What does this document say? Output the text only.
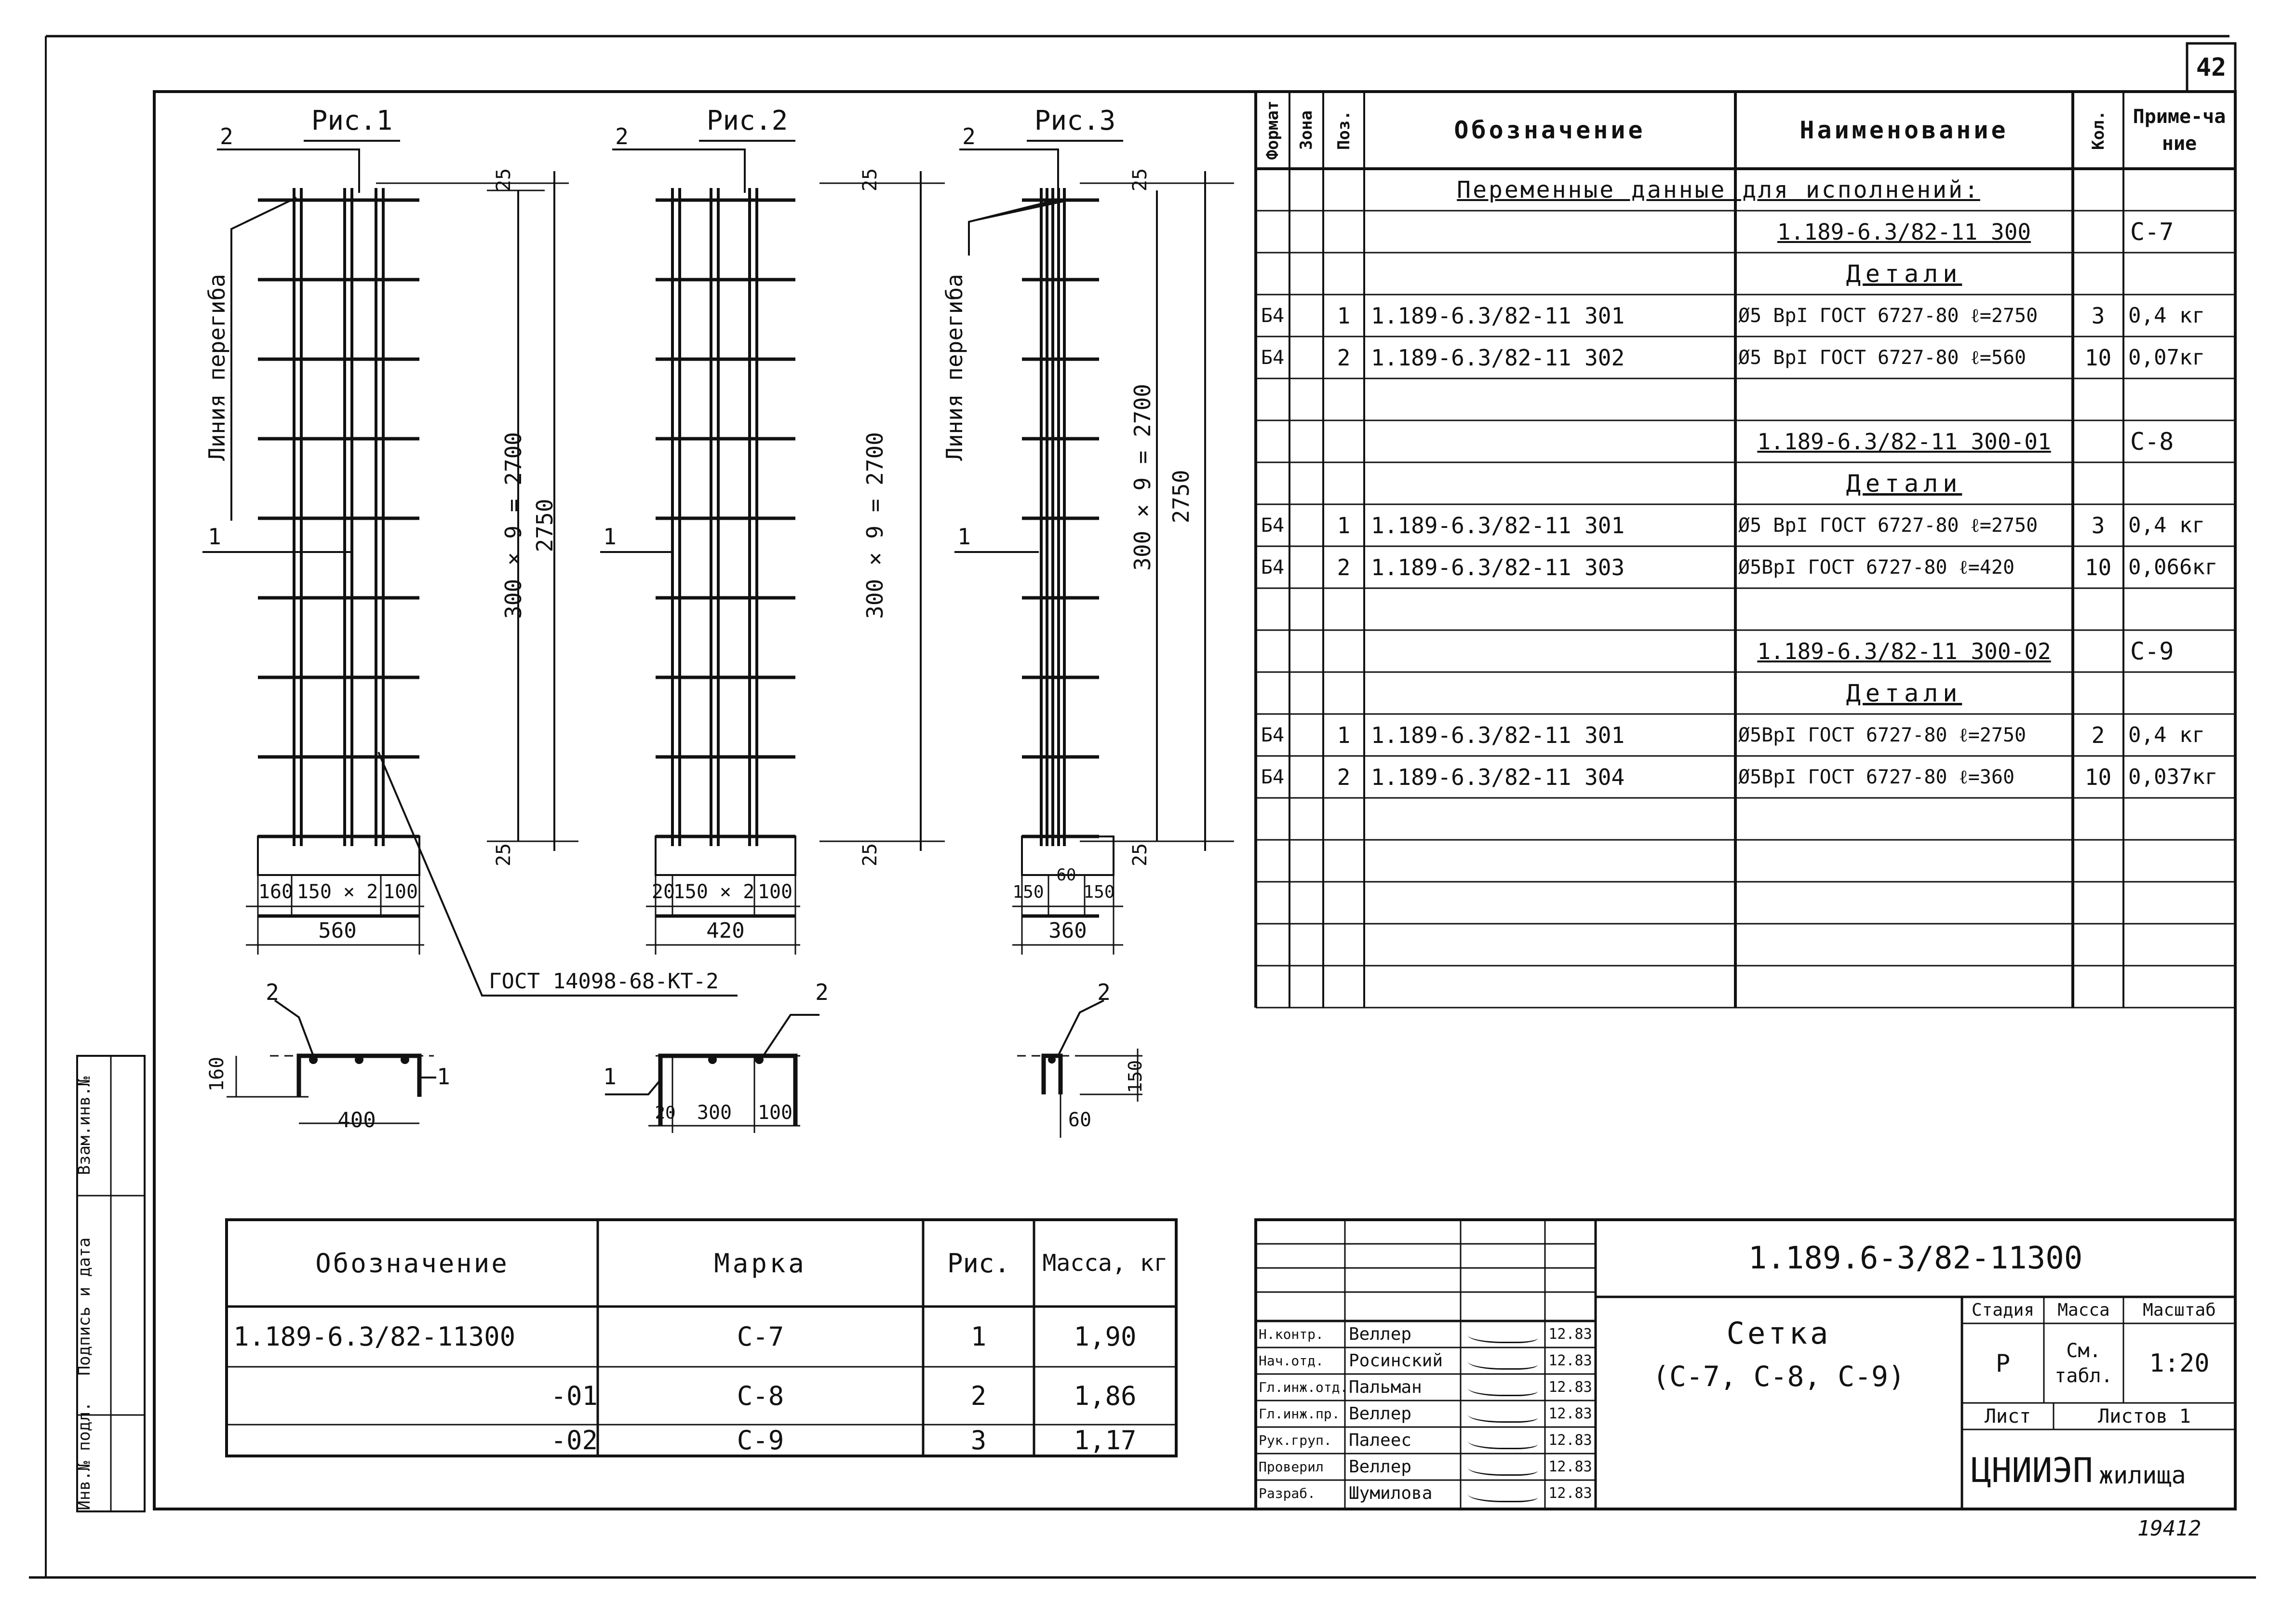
42
19412
Инв.№ подл.
Подпись и дата
Взам.инв.№
Рис.1
2
1
Линия перегиба
25
25
300 × 9 = 2700 2750
160 150 × 2 100
560
ГОСТ 14098-68-КТ-2
2
1
160
400
Рис.2
2
1
25
25
300 × 9 = 2700
20
150 × 2 100
420
2
1
20	300	100
Рис.3
2
1
Линия перегиба
25
25
300 × 9 = 2700 2750
150
60
150
360
2
150
60
Формат Зона Поз.	Обозначение	Наименование	Кол.	Приме-чание
Переменные данные для исполнений:
1.189-6.3/82-11 300	С-7
Детали
Б4	1 1.189-6.3/82-11 301	Ø5 ВрI ГОСТ 6727-80 ℓ=2750	3	0,4 кг
Б4	2 1.189-6.3/82-11 302	Ø5 ВрI ГОСТ 6727-80 ℓ=560	10 0,07кг
1.189-6.3/82-11 300-01	С-8
Детали
Б4	1 1.189-6.3/82-11 301	Ø5 ВрI ГОСТ 6727-80 ℓ=2750	3	0,4 кг
Б4	2 1.189-6.3/82-11 303	Ø5ВрI ГОСТ 6727-80 ℓ=420	10 0,066кг
1.189-6.3/82-11 300-02	С-9
Детали
Б4	1 1.189-6.3/82-11 301	Ø5ВрI ГОСТ 6727-80 ℓ=2750	2	0,4 кг
Б4	2 1.189-6.3/82-11 304	Ø5ВрI ГОСТ 6727-80 ℓ=360	10 0,037кг
Обозначение	Марка	Рис.	Масса, кг
1.189-6.3/82-11300	С-7	1	1,90
-01	С-8	2	1,86
-02	С-9	3	1,17
1.189.6-3/82-11300
Сетка
(С-7, С-8, С-9)
Стадия	Масса	Масштаб
Р	См. табл.	1:20
Лист	Листов 1
ЦНИИЭП жилища
Н.контр.	Веллер	12.83
Нач.отд.	Росинский	12.83
Гл.инж.отд. Пальман	12.83
Гл.инж.пр. Веллер	12.83
Рук.груп. Палеес	12.83
Проверил	Веллер	12.83
Разраб.	Шумилова	12.83
